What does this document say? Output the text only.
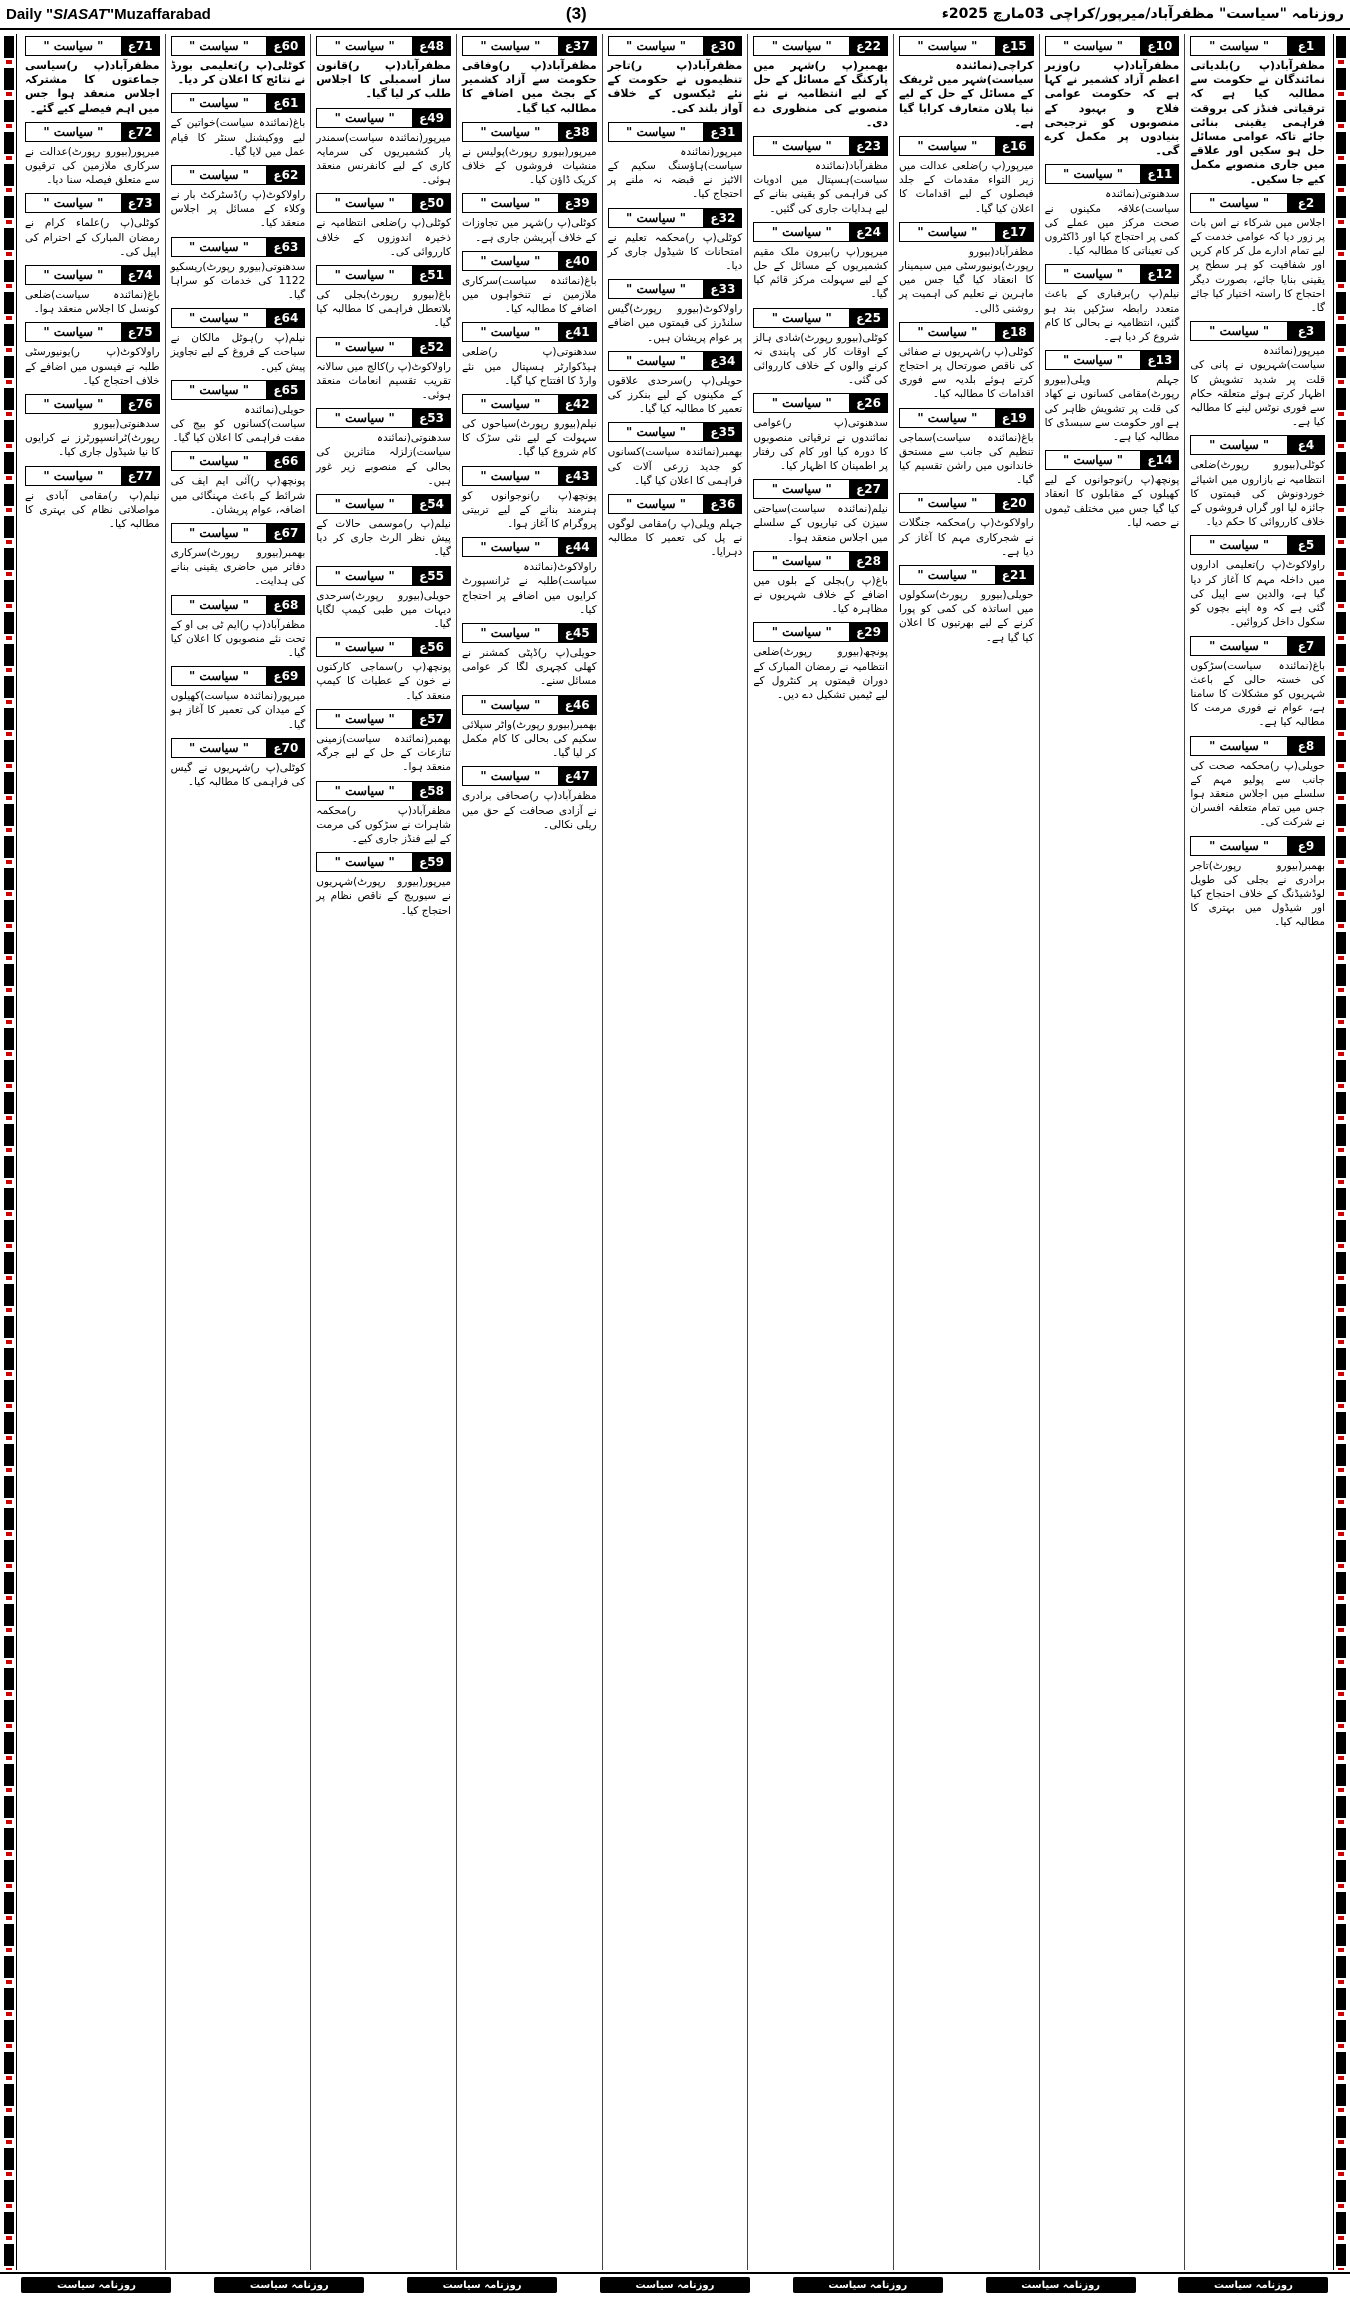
Daily "SIASAT"Muzaffarabad	(3)	روزنامہ "سیاست" مظفرآباد/میرپور/کراچی 03مارچ 2025ء
1ع
" سیاست "

مظفرآباد(پ ر)بلدیاتی نمائندگان نے حکومت سے مطالبہ کیا ہے کہ ترقیاتی فنڈز کی بروقت فراہمی یقینی بنائی جائے تاکہ عوامی مسائل حل ہو سکیں اور علاقے میں جاری منصوبے مکمل کیے جا سکیں۔

2ع
" سیاست "

اجلاس میں شرکاء نے اس بات پر زور دیا کہ عوامی خدمت کے لیے تمام ادارے مل کر کام کریں اور شفافیت کو ہر سطح پر یقینی بنایا جائے، بصورت دیگر احتجاج کا راستہ اختیار کیا جائے گا۔

3ع
" سیاست "

میرپور(نمائندہ سیاست)شہریوں نے پانی کی قلت پر شدید تشویش کا اظہار کرتے ہوئے متعلقہ حکام سے فوری نوٹس لینے کا مطالبہ کیا ہے۔

4ع
" سیاست "

کوٹلی(بیورو رپورٹ)ضلعی انتظامیہ نے بازاروں میں اشیائے خوردونوش کی قیمتوں کا جائزہ لیا اور گراں فروشوں کے خلاف کارروائی کا حکم دیا۔

5ع
" سیاست "

راولاکوٹ(پ ر)تعلیمی اداروں میں داخلہ مہم کا آغاز کر دیا گیا ہے، والدین سے اپیل کی گئی ہے کہ وہ اپنے بچوں کو سکول داخل کروائیں۔

7ع
" سیاست "

باغ(نمائندہ سیاست)سڑکوں کی خستہ حالی کے باعث شہریوں کو مشکلات کا سامنا ہے، عوام نے فوری مرمت کا مطالبہ کیا ہے۔

8ع
" سیاست "

حویلی(پ ر)محکمہ صحت کی جانب سے پولیو مہم کے سلسلے میں اجلاس منعقد ہوا جس میں تمام متعلقہ افسران نے شرکت کی۔

9ع
" سیاست "

بھمبر(بیورو رپورٹ)تاجر برادری نے بجلی کی طویل لوڈشیڈنگ کے خلاف احتجاج کیا اور شیڈول میں بہتری کا مطالبہ کیا۔

10ع
" سیاست "

مظفرآباد(پ ر)وزیر اعظم آزاد کشمیر نے کہا ہے کہ حکومت عوامی فلاح و بہبود کے منصوبوں کو ترجیحی بنیادوں پر مکمل کرے گی۔

11ع
" سیاست "

سدھنوتی(نمائندہ سیاست)علاقہ مکینوں نے صحت مرکز میں عملے کی کمی پر احتجاج کیا اور ڈاکٹروں کی تعیناتی کا مطالبہ کیا۔

12ع
" سیاست "

نیلم(پ ر)برفباری کے باعث متعدد رابطہ سڑکیں بند ہو گئیں، انتظامیہ نے بحالی کا کام شروع کر دیا ہے۔

13ع
" سیاست "

جہلم ویلی(بیورو رپورٹ)مقامی کسانوں نے کھاد کی قلت پر تشویش ظاہر کی ہے اور حکومت سے سبسڈی کا مطالبہ کیا ہے۔

14ع
" سیاست "

پونچھ(پ ر)نوجوانوں کے لیے کھیلوں کے مقابلوں کا انعقاد کیا گیا جس میں مختلف ٹیموں نے حصہ لیا۔

15ع
" سیاست "

کراچی(نمائندہ سیاست)شہر میں ٹریفک کے مسائل کے حل کے لیے نیا پلان متعارف کرایا گیا ہے۔

16ع
" سیاست "

میرپور(پ ر)ضلعی عدالت میں زیر التواء مقدمات کے جلد فیصلوں کے لیے اقدامات کا اعلان کیا گیا۔

17ع
" سیاست "

مظفرآباد(بیورو رپورٹ)یونیورسٹی میں سیمینار کا انعقاد کیا گیا جس میں ماہرین نے تعلیم کی اہمیت پر روشنی ڈالی۔

18ع
" سیاست "

کوٹلی(پ ر)شہریوں نے صفائی کی ناقص صورتحال پر احتجاج کرتے ہوئے بلدیہ سے فوری اقدامات کا مطالبہ کیا۔

19ع
" سیاست "

باغ(نمائندہ سیاست)سماجی تنظیم کی جانب سے مستحق خاندانوں میں راشن تقسیم کیا گیا۔

20ع
" سیاست "

راولاکوٹ(پ ر)محکمہ جنگلات نے شجرکاری مہم کا آغاز کر دیا ہے۔

21ع
" سیاست "

حویلی(بیورو رپورٹ)سکولوں میں اساتذہ کی کمی کو پورا کرنے کے لیے بھرتیوں کا اعلان کیا گیا ہے۔

22ع
" سیاست "

بھمبر(پ ر)شہر میں پارکنگ کے مسائل کے حل کے لیے انتظامیہ نے نئے منصوبے کی منظوری دے دی۔

23ع
" سیاست "

مظفرآباد(نمائندہ سیاست)ہسپتال میں ادویات کی فراہمی کو یقینی بنانے کے لیے ہدایات جاری کی گئیں۔

24ع
" سیاست "

میرپور(پ ر)بیرون ملک مقیم کشمیریوں کے مسائل کے حل کے لیے سہولت مرکز قائم کیا گیا۔

25ع
" سیاست "

کوٹلی(بیورو رپورٹ)شادی ہالز کے اوقات کار کی پابندی نہ کرنے والوں کے خلاف کارروائی کی گئی۔

26ع
" سیاست "

سدھنوتی(پ ر)عوامی نمائندوں نے ترقیاتی منصوبوں کا دورہ کیا اور کام کی رفتار پر اطمینان کا اظہار کیا۔

27ع
" سیاست "

نیلم(نمائندہ سیاست)سیاحتی سیزن کی تیاریوں کے سلسلے میں اجلاس منعقد ہوا۔

28ع
" سیاست "

باغ(پ ر)بجلی کے بلوں میں اضافے کے خلاف شہریوں نے مظاہرہ کیا۔

29ع
" سیاست "

پونچھ(بیورو رپورٹ)ضلعی انتظامیہ نے رمضان المبارک کے دوران قیمتوں پر کنٹرول کے لیے ٹیمیں تشکیل دے دیں۔

30ع
" سیاست "

مظفرآباد(پ ر)تاجر تنظیموں نے حکومت کے نئے ٹیکسوں کے خلاف آواز بلند کی۔

31ع
" سیاست "

میرپور(نمائندہ سیاست)ہاؤسنگ سکیم کے الاٹیز نے قبضہ نہ ملنے پر احتجاج کیا۔

32ع
" سیاست "

کوٹلی(پ ر)محکمہ تعلیم نے امتحانات کا شیڈول جاری کر دیا۔

33ع
" سیاست "

راولاکوٹ(بیورو رپورٹ)گیس سلنڈرز کی قیمتوں میں اضافے پر عوام پریشان ہیں۔

34ع
" سیاست "

حویلی(پ ر)سرحدی علاقوں کے مکینوں کے لیے بنکرز کی تعمیر کا مطالبہ کیا گیا۔

35ع
" سیاست "

بھمبر(نمائندہ سیاست)کسانوں کو جدید زرعی آلات کی فراہمی کا اعلان کیا گیا۔

36ع
" سیاست "

جہلم ویلی(پ ر)مقامی لوگوں نے پل کی تعمیر کا مطالبہ دہرایا۔

37ع
" سیاست "

مظفرآباد(پ ر)وفاقی حکومت سے آزاد کشمیر کے بجٹ میں اضافے کا مطالبہ کیا گیا۔

38ع
" سیاست "

میرپور(بیورو رپورٹ)پولیس نے منشیات فروشوں کے خلاف کریک ڈاؤن کیا۔

39ع
" سیاست "

کوٹلی(پ ر)شہر میں تجاوزات کے خلاف آپریشن جاری ہے۔

40ع
" سیاست "

باغ(نمائندہ سیاست)سرکاری ملازمین نے تنخواہوں میں اضافے کا مطالبہ کیا۔

41ع
" سیاست "

سدھنوتی(پ ر)ضلعی ہیڈکوارٹر ہسپتال میں نئے وارڈ کا افتتاح کیا گیا۔

42ع
" سیاست "

نیلم(بیورو رپورٹ)سیاحوں کی سہولت کے لیے نئی سڑک کا کام شروع کیا گیا۔

43ع
" سیاست "

پونچھ(پ ر)نوجوانوں کو ہنرمند بنانے کے لیے تربیتی پروگرام کا آغاز ہوا۔

44ع
" سیاست "

راولاکوٹ(نمائندہ سیاست)طلبہ نے ٹرانسپورٹ کرایوں میں اضافے پر احتجاج کیا۔

45ع
" سیاست "

حویلی(پ ر)ڈپٹی کمشنر نے کھلی کچہری لگا کر عوامی مسائل سنے۔

46ع
" سیاست "

بھمبر(بیورو رپورٹ)واٹر سپلائی سکیم کی بحالی کا کام مکمل کر لیا گیا۔

47ع
" سیاست "

مظفرآباد(پ ر)صحافی برادری نے آزادی صحافت کے حق میں ریلی نکالی۔

48ع
" سیاست "

مظفرآباد(پ ر)قانون ساز اسمبلی کا اجلاس طلب کر لیا گیا۔

49ع
" سیاست "

میرپور(نمائندہ سیاست)سمندر پار کشمیریوں کی سرمایہ کاری کے لیے کانفرنس منعقد ہوئی۔

50ع
" سیاست "

کوٹلی(پ ر)ضلعی انتظامیہ نے ذخیرہ اندوزوں کے خلاف کارروائی کی۔

51ع
" سیاست "

باغ(بیورو رپورٹ)بجلی کی بلاتعطل فراہمی کا مطالبہ کیا گیا۔

52ع
" سیاست "

راولاکوٹ(پ ر)کالج میں سالانہ تقریب تقسیم انعامات منعقد ہوئی۔

53ع
" سیاست "

سدھنوتی(نمائندہ سیاست)زلزلہ متاثرین کی بحالی کے منصوبے زیر غور ہیں۔

54ع
" سیاست "

نیلم(پ ر)موسمی حالات کے پیش نظر الرٹ جاری کر دیا گیا۔

55ع
" سیاست "

حویلی(بیورو رپورٹ)سرحدی دیہات میں طبی کیمپ لگایا گیا۔

56ع
" سیاست "

پونچھ(پ ر)سماجی کارکنوں نے خون کے عطیات کا کیمپ منعقد کیا۔

57ع
" سیاست "

بھمبر(نمائندہ سیاست)زمینی تنازعات کے حل کے لیے جرگہ منعقد ہوا۔

58ع
" سیاست "

مظفرآباد(پ ر)محکمہ شاہرات نے سڑکوں کی مرمت کے لیے فنڈز جاری کیے۔

59ع
" سیاست "

میرپور(بیورو رپورٹ)شہریوں نے سیوریج کے ناقص نظام پر احتجاج کیا۔

60ع
" سیاست "

کوٹلی(پ ر)تعلیمی بورڈ نے نتائج کا اعلان کر دیا۔

61ع
" سیاست "

باغ(نمائندہ سیاست)خواتین کے لیے ووکیشنل سنٹر کا قیام عمل میں لایا گیا۔

62ع
" سیاست "

راولاکوٹ(پ ر)ڈسٹرکٹ بار نے وکلاء کے مسائل پر اجلاس منعقد کیا۔

63ع
" سیاست "

سدھنوتی(بیورو رپورٹ)ریسکیو 1122 کی خدمات کو سراہا گیا۔

64ع
" سیاست "

نیلم(پ ر)ہوٹل مالکان نے سیاحت کے فروغ کے لیے تجاویز پیش کیں۔

65ع
" سیاست "

حویلی(نمائندہ سیاست)کسانوں کو بیج کی مفت فراہمی کا اعلان کیا گیا۔

66ع
" سیاست "

پونچھ(پ ر)آئی ایم ایف کی شرائط کے باعث مہنگائی میں اضافہ، عوام پریشان۔

67ع
" سیاست "

بھمبر(بیورو رپورٹ)سرکاری دفاتر میں حاضری یقینی بنانے کی ہدایت۔

68ع
" سیاست "

مظفرآباد(پ ر)ایم ٹی بی او کے تحت نئے منصوبوں کا اعلان کیا گیا۔

69ع
" سیاست "

میرپور(نمائندہ سیاست)کھیلوں کے میدان کی تعمیر کا آغاز ہو گیا۔

70ع
" سیاست "

کوٹلی(پ ر)شہریوں نے گیس کی فراہمی کا مطالبہ کیا۔

71ع
" سیاست "

مظفرآباد(پ ر)سیاسی جماعتوں کا مشترکہ اجلاس منعقد ہوا جس میں اہم فیصلے کیے گئے۔

72ع
" سیاست "

میرپور(بیورو رپورٹ)عدالت نے سرکاری ملازمین کی ترقیوں سے متعلق فیصلہ سنا دیا۔

73ع
" سیاست "

کوٹلی(پ ر)علماء کرام نے رمضان المبارک کے احترام کی اپیل کی۔

74ع
" سیاست "

باغ(نمائندہ سیاست)ضلعی کونسل کا اجلاس منعقد ہوا۔

75ع
" سیاست "

راولاکوٹ(پ ر)یونیورسٹی طلبہ نے فیسوں میں اضافے کے خلاف احتجاج کیا۔

76ع
" سیاست "

سدھنوتی(بیورو رپورٹ)ٹرانسپورٹرز نے کرایوں کا نیا شیڈول جاری کیا۔

77ع
" سیاست "

نیلم(پ ر)مقامی آبادی نے مواصلاتی نظام کی بہتری کا مطالبہ کیا۔

روزنامہ سیاست
روزنامہ سیاست
روزنامہ سیاست
روزنامہ سیاست
روزنامہ سیاست
روزنامہ سیاست
روزنامہ سیاست
